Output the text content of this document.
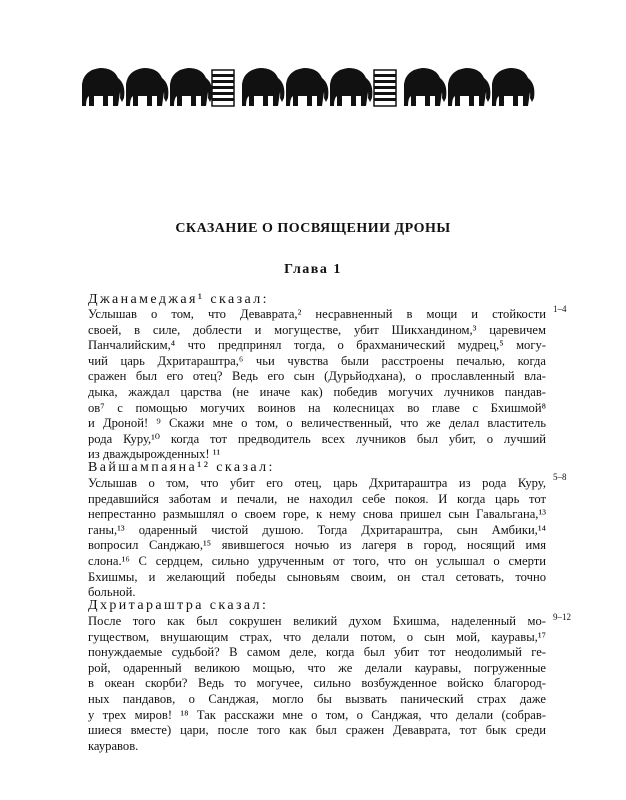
СКАЗАНИЕ О ПОСВЯЩЕНИИ ДРОНЫ
Глава 1
Джанамеджая¹ сказал:
1–4
Услышав о том, что Деваврата,² несравненный в мощи и стойкости
своей, в силе, доблести и могуществе, убит Шикхандином,³ царевичем
Панчалийским,⁴ что предпринял тогда, о брахманический мудрец,⁵ могу-
чий царь Дхритараштра,⁶ чьи чувства были расстроены печалью, когда
сражен был его отец? Ведь его сын (Дурьйодхана), о прославленный вла-
дыка, жаждал царства (не иначе как) победив могучих лучников пандав-
ов⁷ с помощью могучих воинов на колесницах во главе с Бхишмой⁸
и Дроной! ⁹ Скажи мне о том, о величественный, что же делал властитель
рода Куру,¹⁰ когда тот предводитель всех лучников был убит, о лучший
из дваждырожденных! ¹¹
Вайшампаяна¹² сказал:
5–8
Услышав о том, что убит его отец, царь Дхритараштра из рода Куру,
предавшийся заботам и печали, не находил себе покоя. И когда царь тот
непрестанно размышлял о своем горе, к нему снова пришел сын Гавальгана,¹³
ганы,¹³ одаренный чистой душою. Тогда Дхритараштра, сын Амбики,¹⁴
вопросил Санджаю,¹⁵ явившегося ночью из лагеря в город, носящий имя
слона.¹⁶ С сердцем, сильно удрученным от того, что он услышал о смерти
Бхишмы, и желающий победы сыновьям своим, он стал сетовать, точно
больной.
Дхритараштра сказал:
9–12
После того как был сокрушен великий духом Бхишма, наделенный мо-
гуществом, внушающим страх, что делали потом, о сын мой, кауравы,¹⁷
понуждаемые судьбой? В самом деле, когда был убит тот неодолимый ге-
рой, одаренный великою мощью, что же делали кауравы, погруженные
в океан скорби? Ведь то могучее, сильно возбужденное войско благород-
ных пандавов, о Санджая, могло бы вызвать панический страх даже
у трех миров! ¹⁸ Так расскажи мне о том, о Санджая, что делали (собрав-
шиеся вместе) цари, после того как был сражен Деваврата, тот бык среди
кауравов.
